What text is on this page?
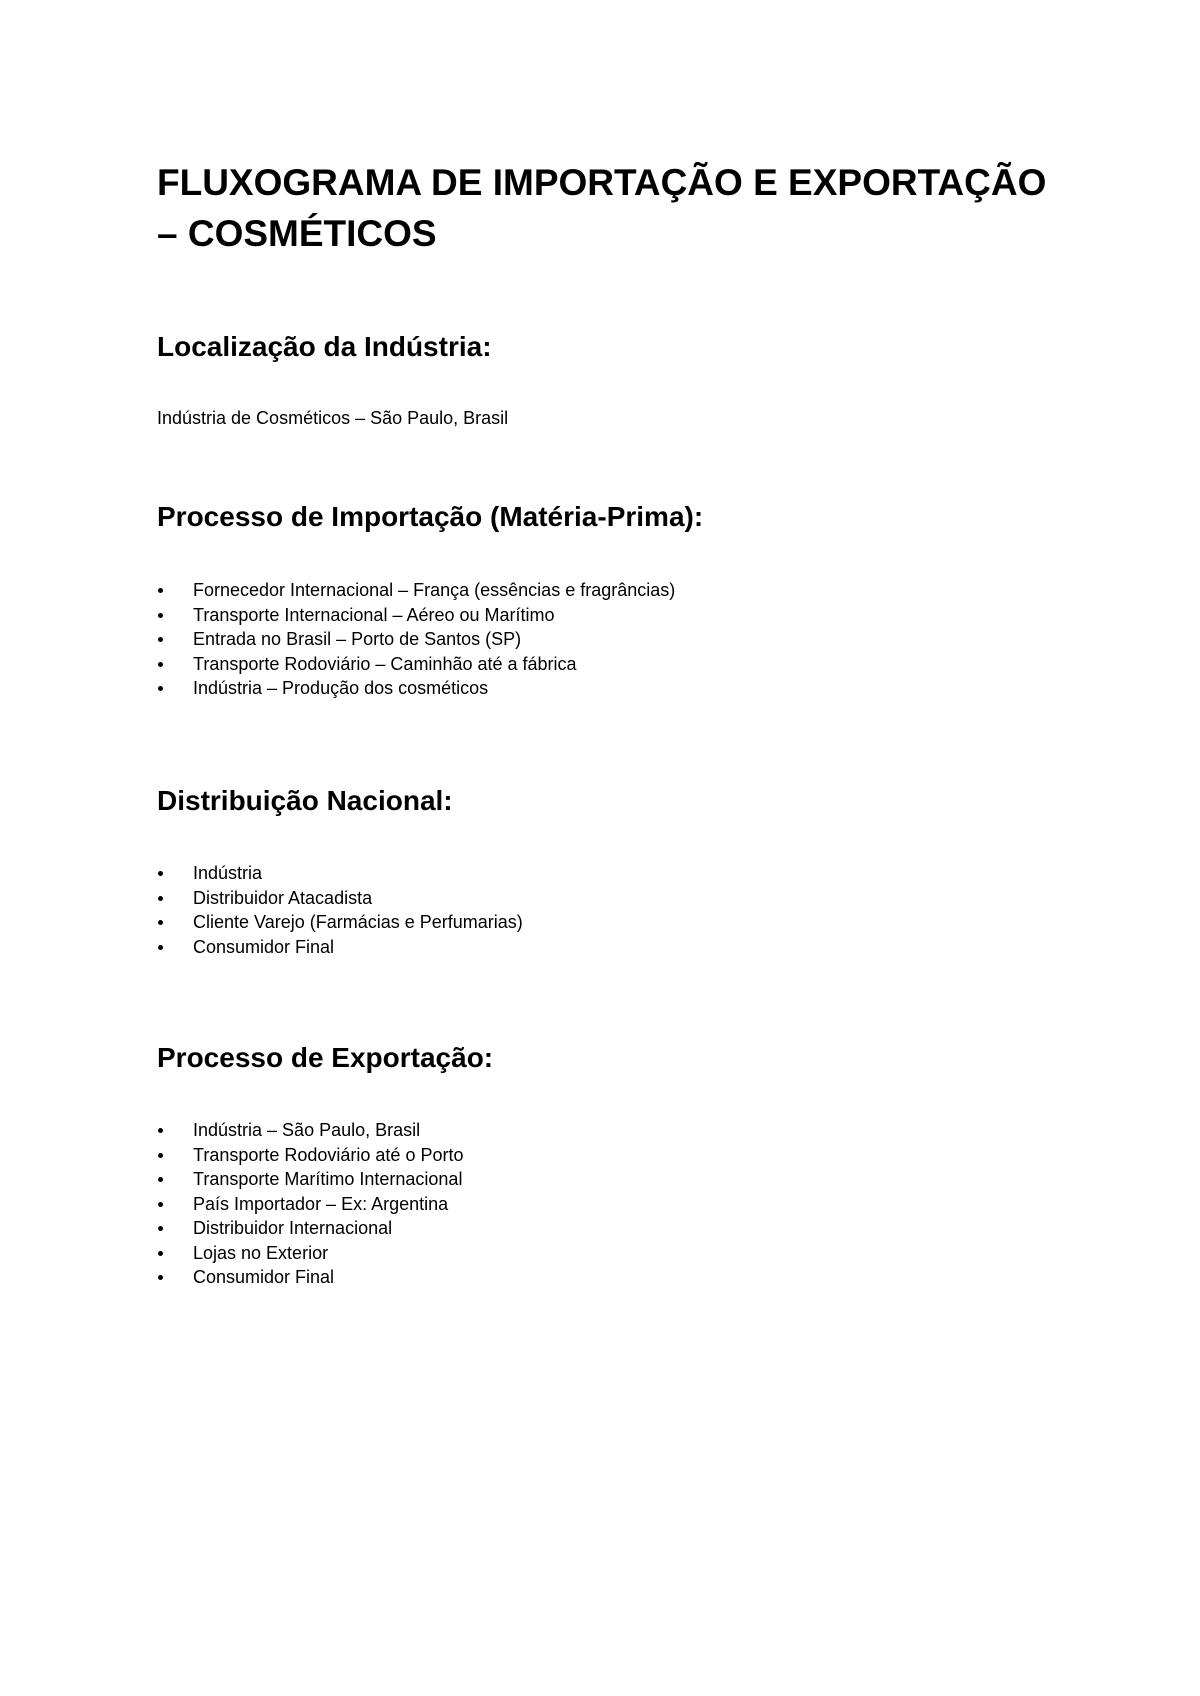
FLUXOGRAMA DE IMPORTAÇÃO E EXPORTAÇÃO – COSMÉTICOS
Localização da Indústria:

Indústria de Cosméticos – São Paulo, Brasil

Processo de Importação (Matéria-Prima):
Fornecedor Internacional – França (essências e fragrâncias)
Transporte Internacional – Aéreo ou Marítimo
Entrada no Brasil – Porto de Santos (SP)
Transporte Rodoviário – Caminhão até a fábrica
Indústria – Produção dos cosméticos
Distribuição Nacional:
Indústria
Distribuidor Atacadista
Cliente Varejo (Farmácias e Perfumarias)
Consumidor Final
Processo de Exportação:
Indústria – São Paulo, Brasil
Transporte Rodoviário até o Porto
Transporte Marítimo Internacional
País Importador – Ex: Argentina
Distribuidor Internacional
Lojas no Exterior
Consumidor Final
